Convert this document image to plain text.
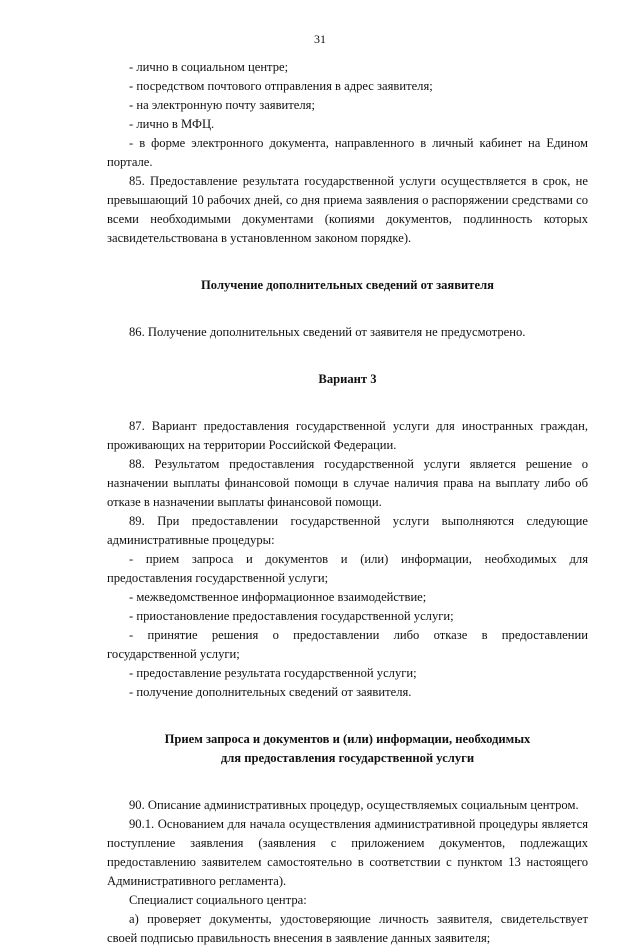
31

- лично в социальном центре;

- посредством почтового отправления в адрес заявителя;

- на электронную почту заявителя;

- лично в МФЦ.

- в форме электронного документа, направленного в личный кабинет на Едином портале.

85. Предоставление результата государственной услуги осуществляется в срок, не превышающий 10 рабочих дней, со дня приема заявления о распоряжении средствами со всеми необходимыми документами (копиями документов, подлинность которых засвидетельствована в установленном законом порядке).

Получение дополнительных сведений от заявителя

86. Получение дополнительных сведений от заявителя не предусмотрено.

Вариант 3

87. Вариант предоставления государственной услуги для иностранных граждан, проживающих на территории Российской Федерации.

88. Результатом предоставления государственной услуги является решение о назначении выплаты финансовой помощи в случае наличия права на выплату либо об отказе в назначении выплаты финансовой помощи.

89. При предоставлении государственной услуги выполняются следующие административные процедуры:

- прием запроса и документов и (или) информации, необходимых для предоставления государственной услуги;

- межведомственное информационное взаимодействие;

- приостановление предоставления государственной услуги;

- принятие решения о предоставлении либо отказе в предоставлении государственной услуги;

- предоставление результата государственной услуги;

- получение дополнительных сведений от заявителя.

Прием запроса и документов и (или) информации, необходимых

для предоставления государственной услуги

90. Описание административных процедур, осуществляемых социальным центром.

90.1. Основанием для начала осуществления административной процедуры является поступление заявления (заявления с приложением документов, подлежащих предоставлению заявителем самостоятельно в соответствии с пунктом 13 настоящего Административного регламента).

Специалист социального центра:

а) проверяет документы, удостоверяющие личность заявителя, свидетельствует своей подписью правильность внесения в заявление данных заявителя;
